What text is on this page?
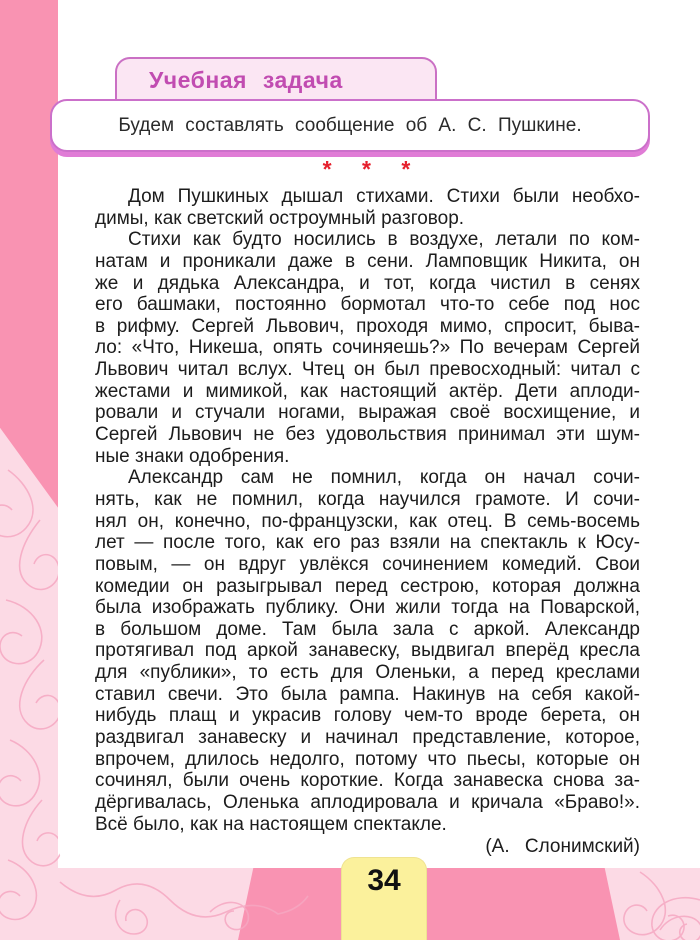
Учебная задача
Будем составлять сообщение об А. С. Пушкине.
* * *
Дом Пушкиных дышал стихами. Стихи были необхо-
димы, как светский остроумный разговор.
Стихи как будто носились в воздухе, летали по ком-
натам и проникали даже в сени. Ламповщик Никита, он
же и дядька Александра, и тот, когда чистил в сенях
его башмаки, постоянно бормотал что-то себе под нос
в рифму. Сергей Львович, проходя мимо, спросит, быва-
ло: «Что, Никеша, опять сочиняешь?» По вечерам Сергей
Львович читал вслух. Чтец он был превосходный: читал с
жестами и мимикой, как настоящий актёр. Дети аплоди-
ровали и стучали ногами, выражая своё восхищение, и
Сергей Львович не без удовольствия принимал эти шум-
ные знаки одобрения.
Александр сам не помнил, когда он начал сочи-
нять, как не помнил, когда научился грамоте. И сочи-
нял он, конечно, по-французски, как отец. В семь-восемь
лет — после того, как его раз взяли на спектакль к Юсу-
повым, — он вдруг увлёкся сочинением комедий. Свои
комедии он разыгрывал перед сестрою, которая должна
была изображать публику. Они жили тогда на Поварской,
в большом доме. Там была зала с аркой. Александр
протягивал под аркой занавеску, выдвигал вперёд кресла
для «публики», то есть для Оленьки, а перед креслами
ставил свечи. Это была рампа. Накинув на себя какой-
нибудь плащ и украсив голову чем-то вроде берета, он
раздвигал занавеску и начинал представление, которое,
впрочем, длилось недолго, потому что пьесы, которые он
сочинял, были очень короткие. Когда занавеска снова за-
дёргивалась, Оленька аплодировала и кричала «Браво!».
Всё было, как на настоящем спектакле.
(А. Слонимский)
34
